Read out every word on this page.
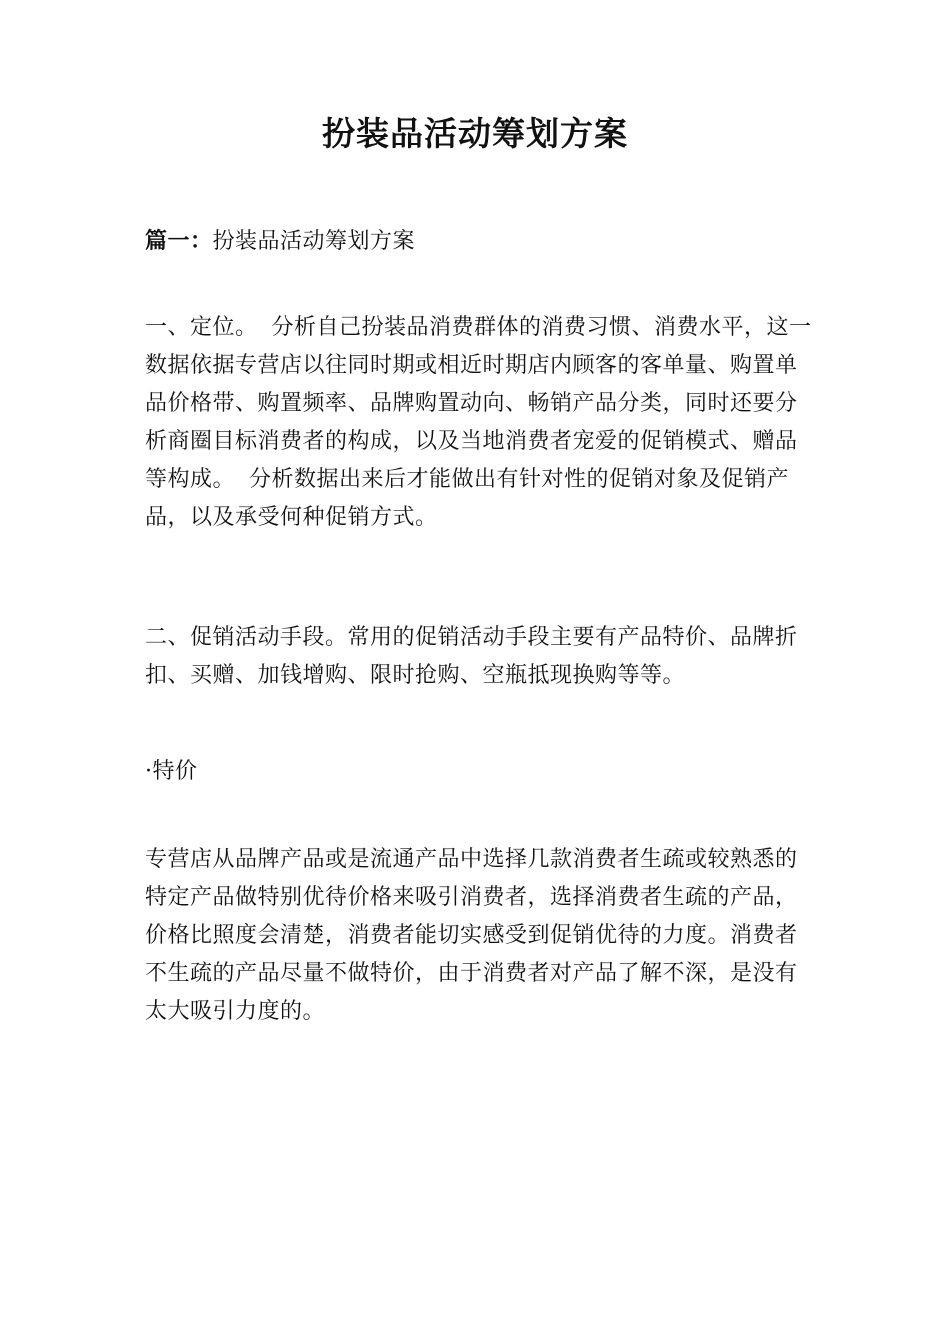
扮装品活动筹划方案
篇一：扮装品活动筹划方案
一、定位。 分析自己扮装品消费群体的消费习惯、消费水平，这一数据依据专营店以往同时期或相近时期店内顾客的客单量、购置单品价格带、购置频率、品牌购置动向、畅销产品分类，同时还要分析商圈目标消费者的构成，以及当地消费者宠爱的促销模式、赠品等构成。 分析数据出来后才能做出有针对性的促销对象及促销产品，以及承受何种促销方式。
二、促销活动手段。常用的促销活动手段主要有产品特价、品牌折扣、买赠、加钱增购、限时抢购、空瓶抵现换购等等。
·特价
专营店从品牌产品或是流通产品中选择几款消费者生疏或较熟悉的特定产品做特别优待价格来吸引消费者，选择消费者生疏的产品，价格比照度会清楚，消费者能切实感受到促销优待的力度。消费者不生疏的产品尽量不做特价，由于消费者对产品了解不深，是没有太大吸引力度的。
